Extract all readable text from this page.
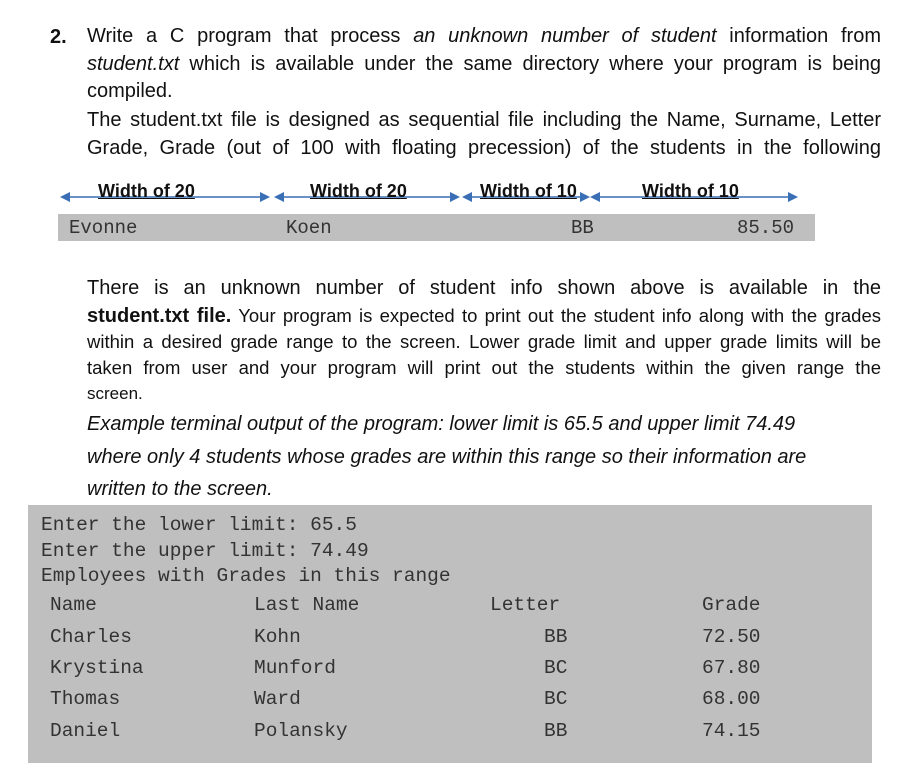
2. Write a C program that process an unknown number of student information from
student.txt which is available under the same directory where your program is being
compiled.
The student.txt file is designed as sequential file including the Name, Surname, Letter
Grade, Grade (out of 100 with floating precession) of the students in the following
Width of 20	Width of 20	Width of 10	Width of 10
Evonne	Koen	BB	85.50
There is an unknown number of student info shown above is available in the
student.txt file. Your program is expected to print out the student info along with the grades
within a desired grade range to the screen. Lower grade limit and upper grade limits will be
taken from user and your program will print out the students within the given range the
screen.
Example terminal output of the program: lower limit is 65.5 and upper limit 74.49
where only 4 students whose grades are within this range so their information are
written to the screen.
Enter the lower limit: 65.5
Enter the upper limit: 74.49
Employees with Grades in this range
Name	Last Name	Letter	Grade
Charles	Kohn	BB	72.50
Krystina	Munford	BC	67.80
Thomas	Ward	BC	68.00
Daniel	Polansky	BB	74.15
